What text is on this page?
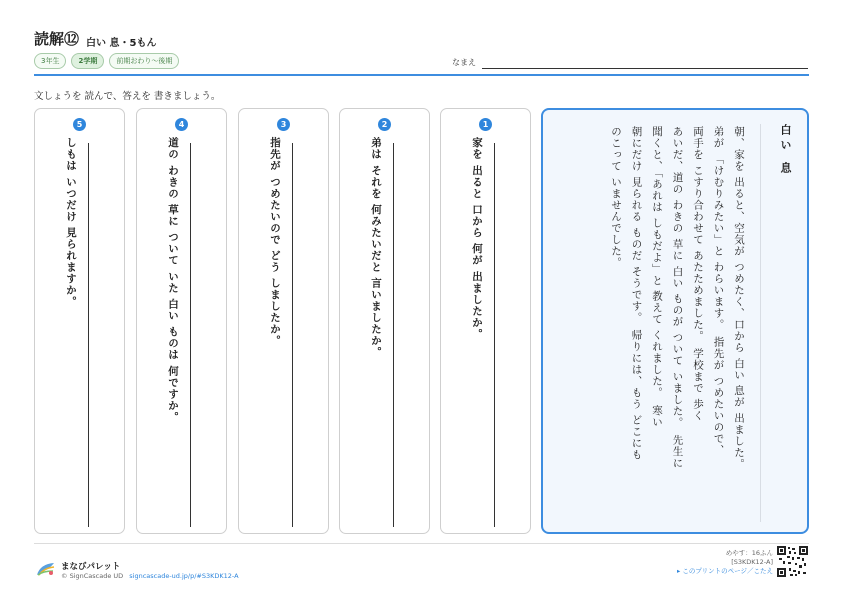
読解⑫ 白い 息・5もん
3年生	2学期	前期おわり～後期	なまえ
文しょうを 読んで、答えを 書きましょう。
1
家を 出ると 口から 何が 出ましたか。
2
弟は それを 何みたいだと 言いましたか。
3
指先が つめたいので どう しましたか。
4
道の わきの 草に ついて いた 白い ものは 何ですか。
5
しもは いつだけ 見られますか。	白い 息

朝、家を 出ると、空気が つめたく、口から 白い 息が 出ました。

弟が 「けむりみたい」と わらいます。　指先が つめたいので、

両手を こすり合わせて あたためました。　学校まで 歩く

あいだ、道の わきの 草に 白い ものが ついて いました。　先生に

聞くと、「あれは しもだよ」と 教えて くれました。　寒い

朝にだけ 見られる ものだ そうです。　帰りには、もう どこにも

のこって いませんでした。

まなびパレット
© SignCascade UD signcascade-ud.jp/p/#S3KDK12-A
めやす：16ふん
[S3KDK12-A]
▸ このプリントのページ／こたえ
